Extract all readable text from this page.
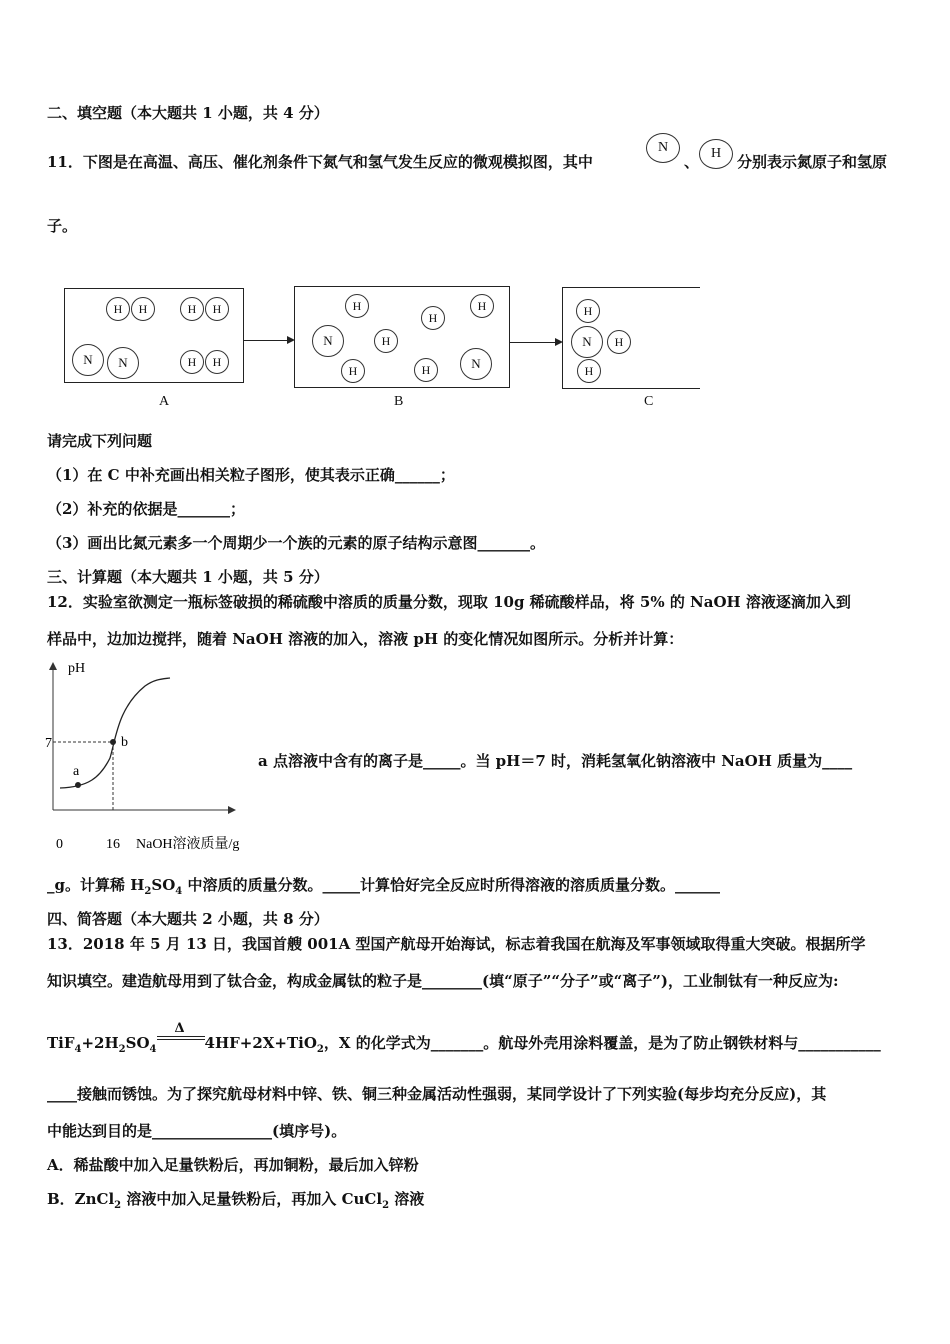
二、填空题（本大题共 1 小题，共 4 分）
11．下图是在高温、高压、催化剂条件下氮气和氢气发生反应的微观模拟图，其中
N
、 H	分别表示氮原子和氢原
子。
H	H	H	H
N	N	H	H
H
H
H
N	H
H	H	N
H
N	H
H
A	B	C
请完成下列问题
（1）在 C 中补充画出相关粒子图形，使其表示正确______；
（2）补充的依据是_______；
（3）画出比氮元素多一个周期少一个族的元素的原子结构示意图_______。
三、计算题（本大题共 1 小题，共 5 分）
12．实验室欲测定一瓶标签破损的稀硫酸中溶质的质量分数，现取 10g 稀硫酸样品，将 5% 的 NaOH 溶液逐滴加入到
样品中，边加边搅拌，随着 NaOH 溶液的加入，溶液 pH 的变化情况如图所示。分析并计算：
pH
7
a
b
0	16 NaOH溶液质量/g
a 点溶液中含有的离子是_____。当 pH＝7 时，消耗氢氧化钠溶液中 NaOH 质量为____
_g。计算稀 $H_2SO_4$ 中溶质的质量分数。_____计算恰好完全反应时所得溶液的溶质质量分数。______
四、简答题（本大题共 2 小题，共 8 分）
13．2018 年 5 月 13 日，我国首艘 001A 型国产航母开始海试，标志着我国在航海及军事领域取得重大突破。根据所学
知识填空。建造航母用到了钛合金，构成金属钛的粒子是________(填“原子”“分子”或“离子”)，工业制钛有一种反应为:
$TiF_4+2H_2SO_4$
Δ
4HF+2X+TiO$_2$，X 的化学式为_______。航母外壳用涂料覆盖，是为了防止钢铁材料与___________
____接触而锈蚀。为了探究航母材料中锌、铁、铜三种金属活动性强弱，某同学设计了下列实验(每步均充分反应)，其
中能达到目的是________________(填序号)。
A．稀盐酸中加入足量铁粉后，再加铜粉，最后加入锌粉
B．ZnCl$_2$ 溶液中加入足量铁粉后，再加入 CuCl$_2$ 溶液
